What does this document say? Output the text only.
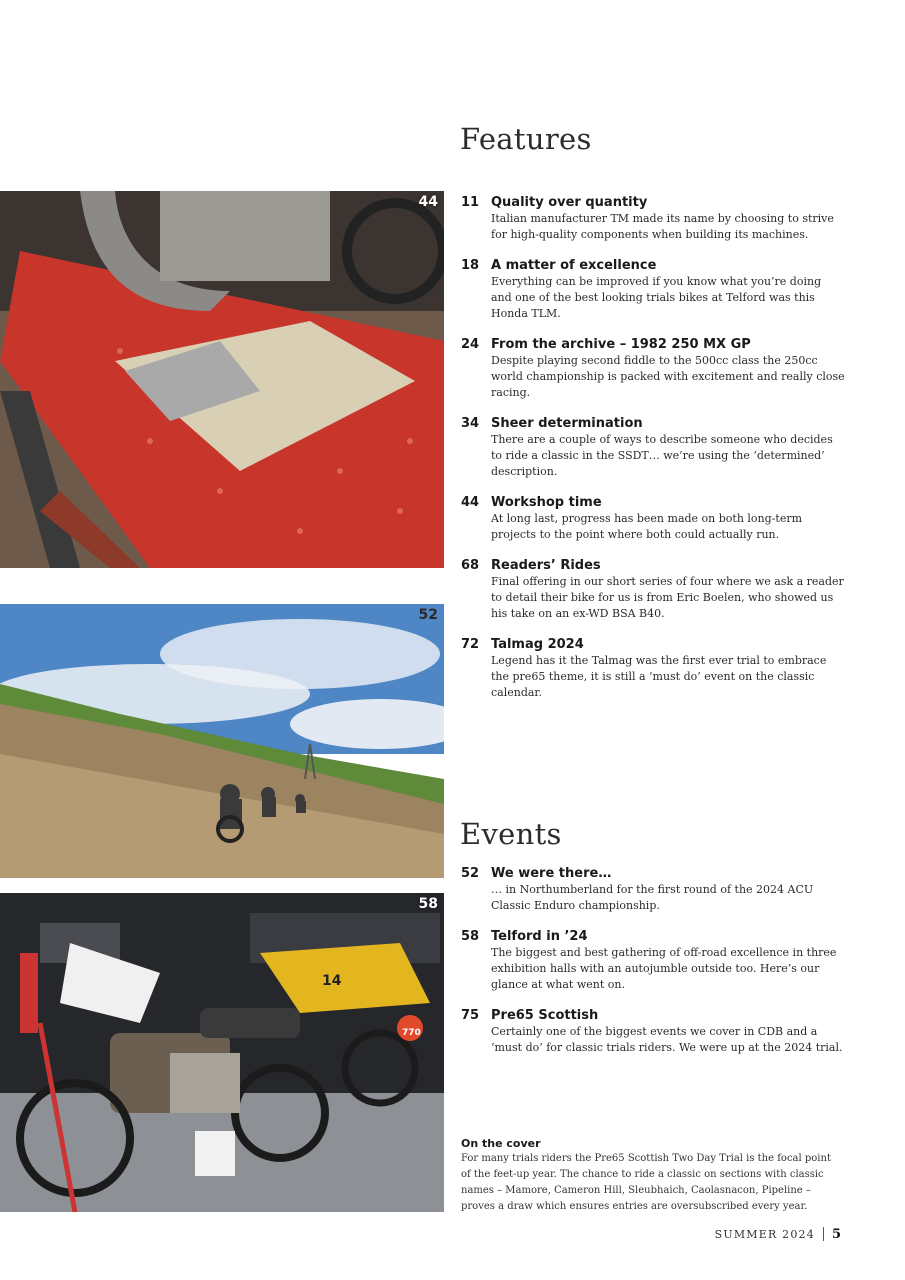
Features
44
52
14
770
58
11 Quality over quantity
Italian manufacturer TM made its name by choosing to strive for high-quality components when building its machines.
18 A matter of excellence
Everything can be improved if you know what you’re doing and one of the best looking trials bikes at Telford was this Honda TLM.
24 From the archive – 1982 250 MX GP
Despite playing second fiddle to the 500cc class the 250cc world championship is packed with excitement and really close racing.
34 Sheer determination
There are a couple of ways to describe someone who decides to ride a classic in the SSDT… we’re using the ‘determined’ description.
44 Workshop time
At long last, progress has been made on both long-term projects to the point where both could actually run.
68 Readers’ Rides
Final offering in our short series of four where we ask a reader to detail their bike for us is from Eric Boelen, who showed us his take on an ex-WD BSA B40.
72 Talmag 2024
Legend has it the Talmag was the first ever trial to embrace the pre65 theme, it is still a ‘must do’ event on the classic calendar.
Events
52 We were there…
… in Northumberland for the first round of the 2024 ACU Classic Enduro championship.
58 Telford in ’24
The biggest and best gathering of off-road excellence in three exhibition halls with an autojumble outside too. Here’s our glance at what went on.
75 Pre65 Scottish
Certainly one of the biggest events we cover in CDB and a ‘must do’ for classic trials riders. We were up at the 2024 trial.
On the cover
For many trials riders the Pre65 Scottish Two Day Trial is the focal point of the feet-up year. The chance to ride a classic on sections with classic names – Mamore, Cameron Hill, Sleubhaich, Caolasnacon, Pipeline – proves a draw which ensures entries are oversubscribed every year.
SUMMER 2024 5
